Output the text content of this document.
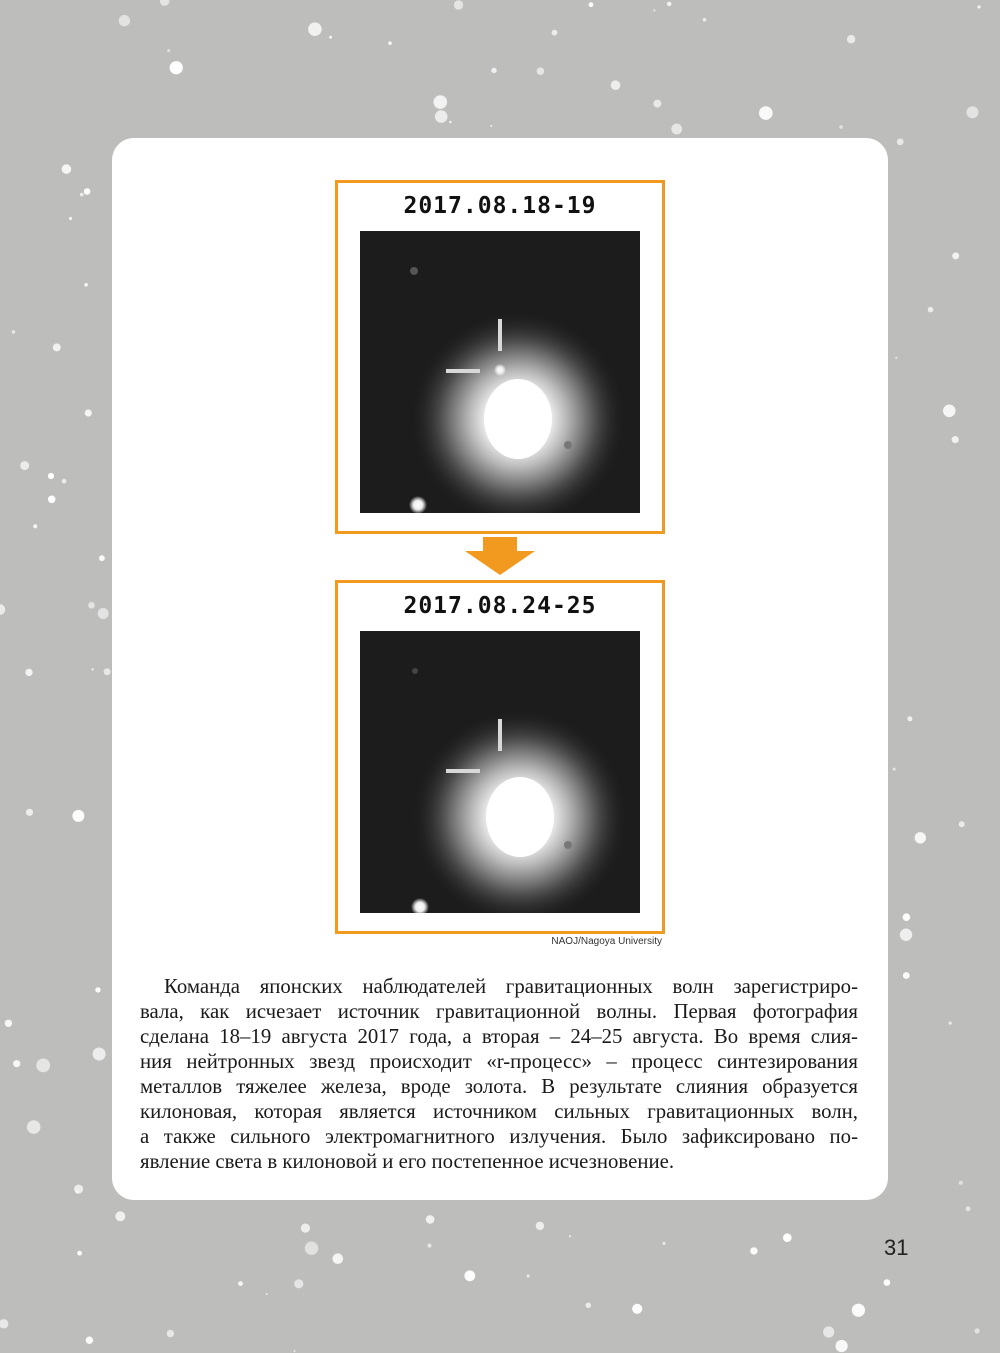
2017.08.18-19
2017.08.24-25
NAOJ/Nagoya University
Команда японских наблюдателей гравитационных волн зарегистриро-
вала, как исчезает источник гравитационной волны. Первая фотография
сделана 18–19 августа 2017 года, а вторая – 24–25 августа. Во время слия-
ния нейтронных звезд происходит «r-процесс» – процесс синтезирования
металлов тяжелее железа, вроде золота. В результате слияния образуется
килоновая, которая является источником сильных гравитационных волн,
а также сильного электромагнитного излучения. Было зафиксировано по-
явление света в килоновой и его постепенное исчезновение.
31
